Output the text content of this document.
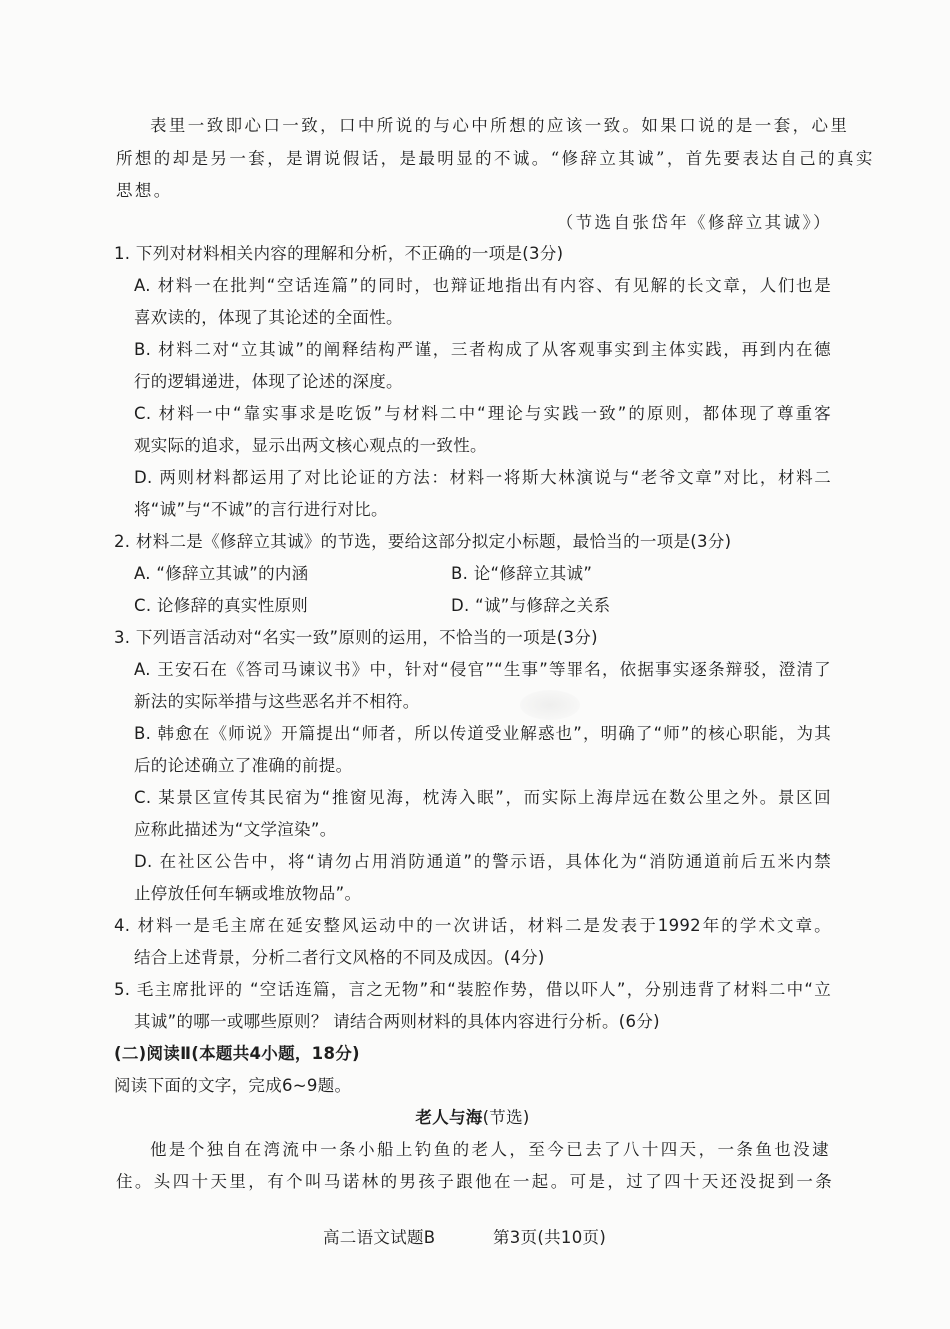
表里一致即心口一致，口中所说的与心中所想的应该一致。如果口说的是一套，心里
所想的却是另一套，是谓说假话，是最明显的不诚。“修辞立其诚”，首先要表达自己的真实
思想。
（节选自张岱年《修辞立其诚》）
1. 下列对材料相关内容的理解和分析，不正确的一项是(3分)
A. 材料一在批判“空话连篇”的同时，也辩证地指出有内容、有见解的长文章，人们也是
喜欢读的，体现了其论述的全面性。
B. 材料二对“立其诚”的阐释结构严谨，三者构成了从客观事实到主体实践，再到内在德
行的逻辑递进，体现了论述的深度。
C. 材料一中“靠实事求是吃饭”与材料二中“理论与实践一致”的原则，都体现了尊重客
观实际的追求，显示出两文核心观点的一致性。
D. 两则材料都运用了对比论证的方法：材料一将斯大林演说与“老爷文章”对比，材料二
将“诚”与“不诚”的言行进行对比。
2. 材料二是《修辞立其诚》的节选，要给这部分拟定小标题，最恰当的一项是(3分)
A. “修辞立其诚”的内涵	B. 论“修辞立其诚”
C. 论修辞的真实性原则	D. “诚”与修辞之关系
3. 下列语言活动对“名实一致”原则的运用，不恰当的一项是(3分)
A. 王安石在《答司马谏议书》中，针对“侵官”“生事”等罪名，依据事实逐条辩驳，澄清了
新法的实际举措与这些恶名并不相符。
B. 韩愈在《师说》开篇提出“师者，所以传道受业解惑也”，明确了“师”的核心职能，为其
后的论述确立了准确的前提。
C. 某景区宣传其民宿为“推窗见海，枕涛入眠”，而实际上海岸远在数公里之外。景区回
应称此描述为“文学渲染”。
D. 在社区公告中，将“请勿占用消防通道”的警示语，具体化为“消防通道前后五米内禁
止停放任何车辆或堆放物品”。
4. 材料一是毛主席在延安整风运动中的一次讲话，材料二是发表于1992年的学术文章。
结合上述背景，分析二者行文风格的不同及成因。(4分)
5. 毛主席批评的 “空话连篇，言之无物”和“装腔作势，借以吓人”，分别违背了材料二中“立
其诚”的哪一或哪些原则？ 请结合两则材料的具体内容进行分析。(6分)
(二)阅读Ⅱ(本题共4小题，18分)
阅读下面的文字，完成6~9题。
老人与海(节选)
他是个独自在湾流中一条小船上钓鱼的老人，至今已去了八十四天，一条鱼也没逮
住。头四十天里，有个叫马诺林的男孩子跟他在一起。可是，过了四十天还没捉到一条
高二语文试题B	第3页(共10页)
